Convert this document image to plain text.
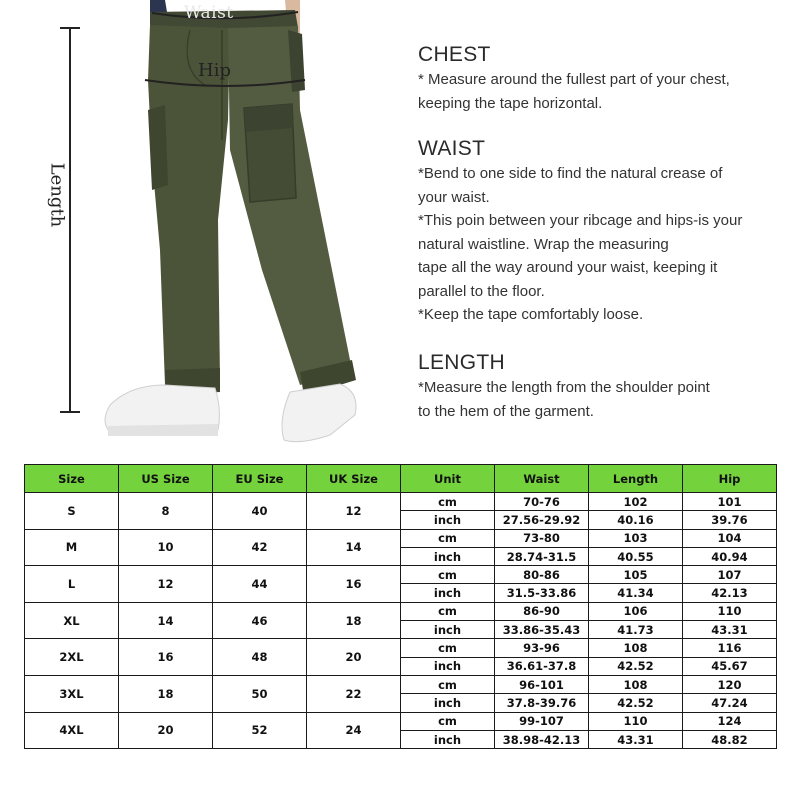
Length
Waist
Hip
CHEST

* Measure around the fullest part of your chest,

keeping the tape horizontal.

WAIST

*Bend to one side to find the natural crease of

your waist.

*This poin between your ribcage and hips-is your

natural waistline. Wrap the measuring

tape all the way around your waist, keeping it

parallel to the floor.

*Keep the tape comfortably loose.

LENGTH

*Measure the length from the shoulder point

to the hem of the garment.

Size	US Size	EU Size	UK Size	Unit	Waist	Length	Hip
S	8	40	12	cm	70-76	102	101
				inch	27.56-29.92	40.16	39.76
M	10	42	14	cm	73-80	103	104
				inch	28.74-31.5	40.55	40.94
L	12	44	16	cm	80-86	105	107
				inch	31.5-33.86	41.34	42.13
XL	14	46	18	cm	86-90	106	110
				inch	33.86-35.43	41.73	43.31
2XL	16	48	20	cm	93-96	108	116
				inch	36.61-37.8	42.52	45.67
3XL	18	50	22	cm	96-101	108	120
				inch	37.8-39.76	42.52	47.24
4XL	20	52	24	cm	99-107	110	124
				inch	38.98-42.13	43.31	48.82
